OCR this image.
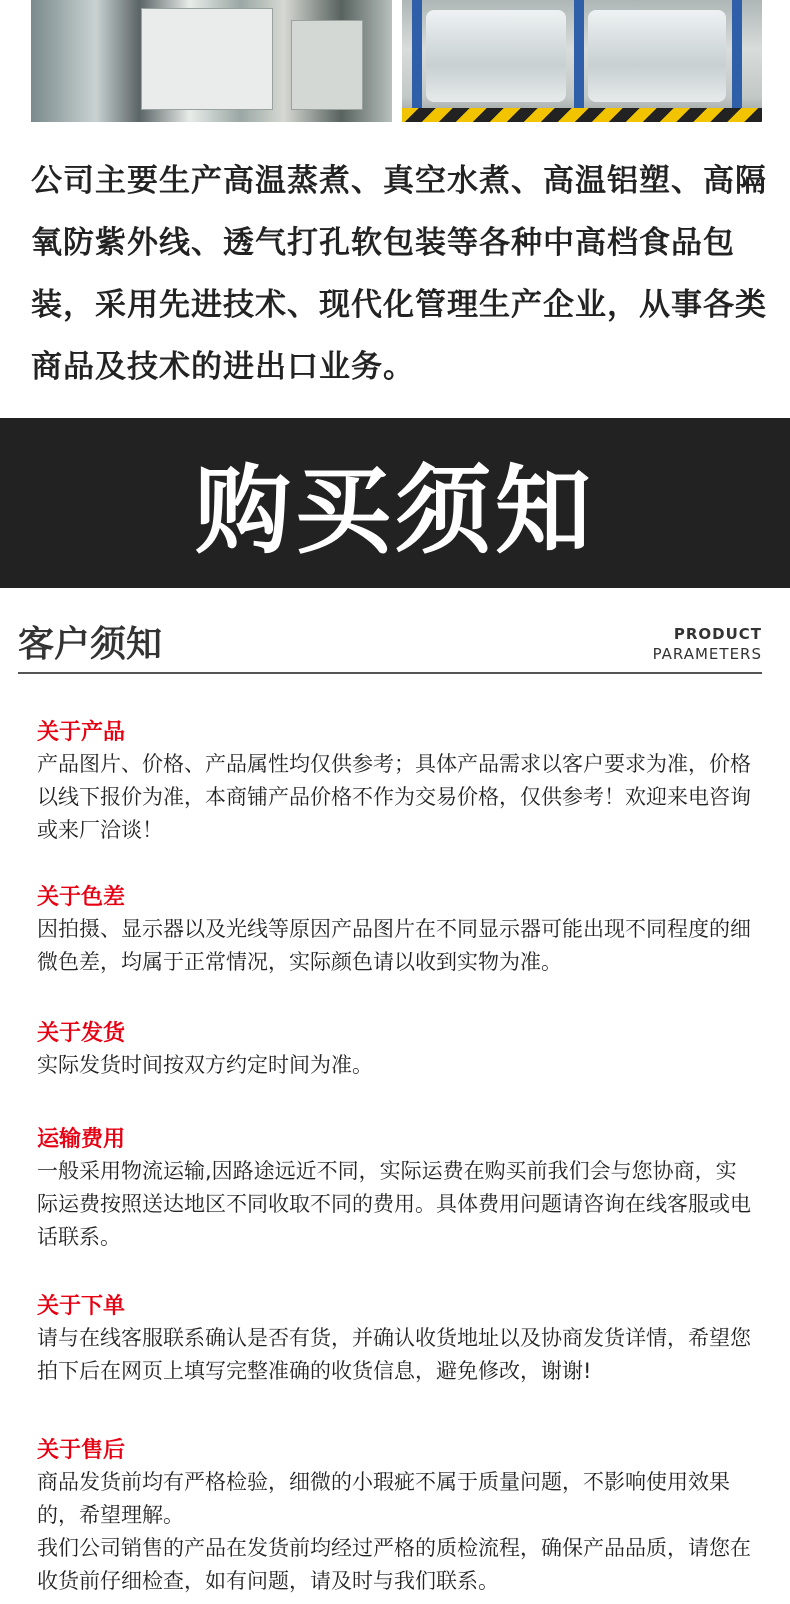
公司主要生产高温蒸煮、真空水煮、高温铝塑、高隔氧防紫外线、透气打孔软包装等各种中高档食品包装，采用先进技术、现代化管理生产企业，从事各类商品及技术的进出口业务。
购买须知
客户须知	PRODUCT
PARAMETERS
关于产品

产品图片、价格、产品属性均仅供参考；具体产品需求以客户要求为准，价格以线下报价为准，本商铺产品价格不作为交易价格，仅供参考！欢迎来电咨询或来厂洽谈！

关于色差

因拍摄、显示器以及光线等原因产品图片在不同显示器可能出现不同程度的细微色差，均属于正常情况，实际颜色请以收到实物为准。

关于发货

实际发货时间按双方约定时间为准。

运输费用

一般采用物流运输,因路途远近不同，实际运费在购买前我们会与您协商，实际运费按照送达地区不同收取不同的费用。具体费用问题请咨询在线客服或电话联系。

关于下单

请与在线客服联系确认是否有货，并确认收货地址以及协商发货详情，希望您拍下后在网页上填写完整准确的收货信息，避免修改，谢谢!

关于售后

商品发货前均有严格检验，细微的小瑕疵不属于质量问题，不影响使用效果的，希望理解。

我们公司销售的产品在发货前均经过严格的质检流程，确保产品品质，请您在收货前仔细检查，如有问题，请及时与我们联系。
